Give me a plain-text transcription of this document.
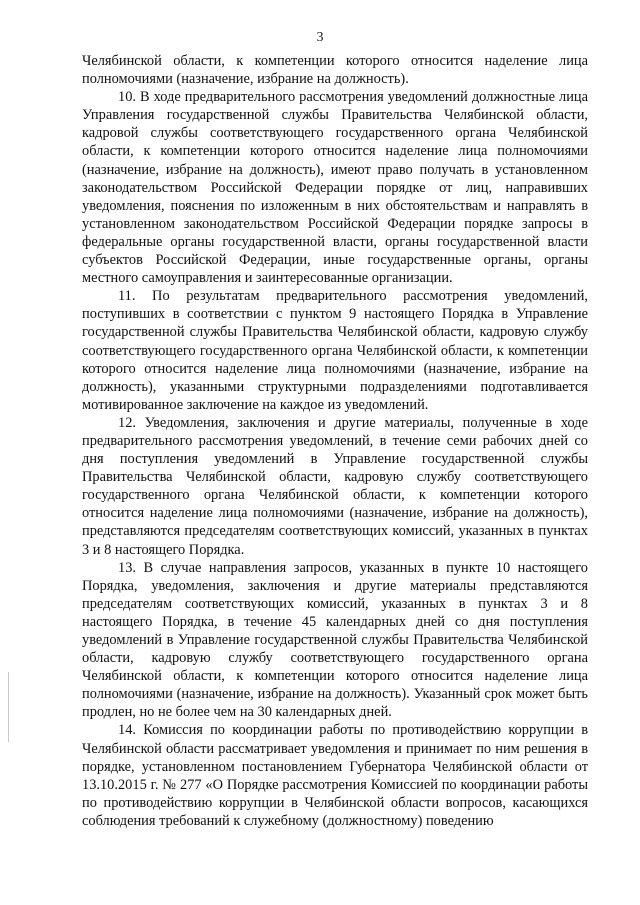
3

Челябинской области, к компетенции которого относится наделение лица полномочиями (назначение, избрание на должность).

10. В ходе предварительного рассмотрения уведомлений должностные лица Управления государственной службы Правительства Челябинской области, кадровой службы соответствующего государственного органа Челябинской области, к компетенции которого относится наделение лица полномочиями (назначение, избрание на должность), имеют право получать в установленном законодательством Российской Федерации порядке от лиц, направивших уведомления, пояснения по изложенным в них обстоятельствам и направлять в установленном законодательством Российской Федерации порядке запросы в федеральные органы государственной власти, органы государственной власти субъектов Российской Федерации, иные государственные органы, органы местного самоуправления и заинтересованные организации.

11. По результатам предварительного рассмотрения уведомлений, поступивших в соответствии с пунктом 9 настоящего Порядка в Управление государственной службы Правительства Челябинской области, кадровую службу соответствующего государственного органа Челябинской области, к компетенции которого относится наделение лица полномочиями (назначение, избрание на должность), указанными структурными подразделениями подготавливается мотивированное заключение на каждое из уведомлений.

12. Уведомления, заключения и другие материалы, полученные в ходе предварительного рассмотрения уведомлений, в течение семи рабочих дней со дня поступления уведомлений в Управление государственной службы Правительства Челябинской области, кадровую службу соответствующего государственного органа Челябинской области, к компетенции которого относится наделение лица полномочиями (назначение, избрание на должность), представляются председателям соответствующих комиссий, указанных в пунктах 3 и 8 настоящего Порядка.

13. В случае направления запросов, указанных в пункте 10 настоящего Порядка, уведомления, заключения и другие материалы представляются председателям соответствующих комиссий, указанных в пунктах 3 и 8 настоящего Порядка, в течение 45 календарных дней со дня поступления уведомлений в Управление государственной службы Правительства Челябинской области, кадровую службу соответствующего государственного органа Челябинской области, к компетенции которого относится наделение лица полномочиями (назначение, избрание на должность). Указанный срок может быть продлен, но не более чем на 30 календарных дней.

14. Комиссия по координации работы по противодействию коррупции в Челябинской области рассматривает уведомления и принимает по ним решения в порядке, установленном постановлением Губернатора Челябинской области от 13.10.2015 г. № 277 «О Порядке рассмотрения Комиссией по координации работы по противодействию коррупции в Челябинской области вопросов, касающихся соблюдения требований к служебному (должностному) поведению
